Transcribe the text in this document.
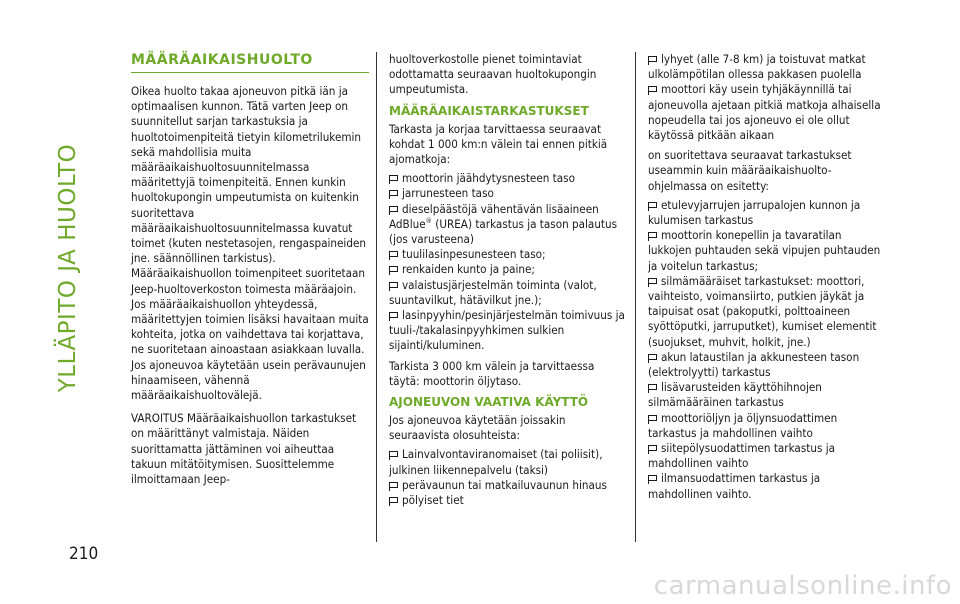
YLLÄPITO JA HUOLTO
210
carmanualsonline.info
MÄÄRÄAIKAISHUOLTO

Oikea huolto takaa ajoneuvon pitkä iän ja optimaalisen kunnon. Tätä varten Jeep on suunnitellut sarjan tarkastuksia ja huoltotoimenpiteitä tietyin kilometrilukemin sekä mahdollisia muita määräaikaishuoltosuunnitelmassa määritettyjä toimenpiteitä. Ennen kunkin huoltokupongin umpeutumista on kuitenkin suoritettava määräaikaishuoltosuunnitelmassa kuvatut toimet (kuten nestetasojen, rengaspaineiden jne. säännöllinen tarkistus). Määräaikaishuollon toimenpiteet suoritetaan Jeep-huoltoverkoston toimesta määräajoin. Jos määräaikaishuollon yhteydessä, määritettyjen toimien lisäksi havaitaan muita kohteita, jotka on vaihdettava tai korjattava, ne suoritetaan ainoastaan asiakkaan luvalla. Jos ajoneuvoa käytetään usein perävaunujen hinaamiseen, vähennä määräaikaishuoltovälejä.

VAROITUS Määräaikaishuollon tarkastukset on määrittänyt valmistaja. Näiden suorittamatta jättäminen voi aiheuttaa takuun mitätöitymisen. Suosittelemme ilmoittamaan Jeep-

huoltoverkostolle pienet toimintaviat odottamatta seuraavan huoltokupongin umpeutumista.

MÄÄRÄAIKAISTARKASTUKSET

Tarkasta ja korjaa tarvittaessa seuraavat kohdat 1 000 km:n välein tai ennen pitkiä ajomatkoja:

moottorin jäähdytysnesteen taso
jarrunesteen taso
dieselpäästöjä vähentävän lisäaineen AdBlue® (UREA) tarkastus ja tason palautus (jos varusteena)
tuulilasinpesunesteen taso;
renkaiden kunto ja paine;
valaistusjärjestelmän toiminta (valot, suuntavilkut, hätävilkut jne.);
lasinpyyhin/pesinjärjestelmän toimivuus ja tuuli-/takalasinpyyhkimen sulkien sijainti/kuluminen.

Tarkista 3 000 km välein ja tarvittaessa täytä: moottorin öljytaso.

AJONEUVON VAATIVA KÄYTTÖ

Jos ajoneuvoa käytetään joissakin seuraavista olosuhteista:

Lainvalvontaviranomaiset (tai poliisit), julkinen liikennepalvelu (taksi)
perävaunun tai matkailuvaunun hinaus
pölyiset tiet
lyhyet (alle 7-8 km) ja toistuvat matkat ulkolämpötilan ollessa pakkasen puolella
moottori käy usein tyhjäkäynnillä tai ajoneuvolla ajetaan pitkiä matkoja alhaisella nopeudella tai jos ajoneuvo ei ole ollut käytössä pitkään aikaan

on suoritettava seuraavat tarkastukset useammin kuin määräaikaishuolto-ohjelmassa on esitetty:

etulevyjarrujen jarrupalojen kunnon ja kulumisen tarkastus
moottorin konepellin ja tavaratilan lukkojen puhtauden sekä vipujen puhtauden ja voitelun tarkastus;
silmämääräiset tarkastukset: moottori, vaihteisto, voimansiirto, putkien jäykät ja taipuisat osat (pakoputki, polttoaineen syöttöputki, jarruputket), kumiset elementit (suojukset, muhvit, holkit, jne.)
akun lataustilan ja akkunesteen tason (elektrolyytti) tarkastus
lisävarusteiden käyttöhihnojen silmämääräinen tarkastus
moottoriöljyn ja öljynsuodattimen tarkastus ja mahdollinen vaihto
siitepölysuodattimen tarkastus ja mahdollinen vaihto
ilmansuodattimen tarkastus ja mahdollinen vaihto.
